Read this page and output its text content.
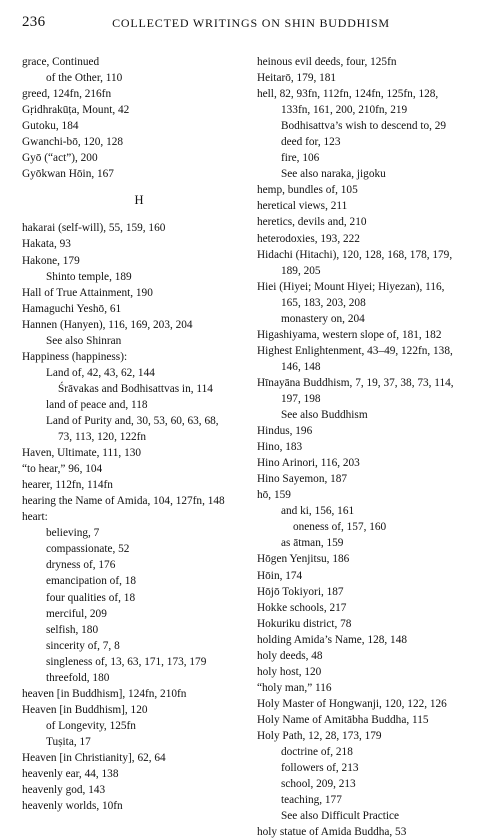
236	COLLECTED WRITINGS ON SHIN BUDDHISM
grace, Continued
of the Other, 110
greed, 124fn, 216fn
Gṛidhrakūṭa, Mount, 42
Gutoku, 184
Gwanchi-bō, 120, 128
Gyō (“act”), 200
Gyōkwan Hōin, 167
H
hakarai (self-will), 55, 159, 160
Hakata, 93
Hakone, 179
Shinto temple, 189
Hall of True Attainment, 190
Hamaguchi Yeshō, 61
Hannen (Hanyen), 116, 169, 203, 204
See also Shinran
Happiness (happiness):
Land of, 42, 43, 62, 144
Śrāvakas and Bodhisattvas in, 114
land of peace and, 118
Land of Purity and, 30, 53, 60, 63, 68,
73, 113, 120, 122fn
Haven, Ultimate, 111, 130
“to hear,” 96, 104
hearer, 112fn, 114fn
hearing the Name of Amida, 104, 127fn, 148
heart:
believing, 7
compassionate, 52
dryness of, 176
emancipation of, 18
four qualities of, 18
merciful, 209
selfish, 180
sincerity of, 7, 8
singleness of, 13, 63, 171, 173, 179
threefold, 180
heaven [in Buddhism], 124fn, 210fn
Heaven [in Buddhism], 120
of Longevity, 125fn
Tuṣita, 17
Heaven [in Christianity], 62, 64
heavenly ear, 44, 138
heavenly god, 143
heavenly worlds, 10fn
heinous evil deeds, four, 125fn
Heitarō, 179, 181
hell, 82, 93fn, 112fn, 124fn, 125fn, 128,
133fn, 161, 200, 210fn, 219
Bodhisattva’s wish to descend to, 29
deed for, 123
fire, 106
See also naraka, jigoku
hemp, bundles of, 105
heretical views, 211
heretics, devils and, 210
heterodoxies, 193, 222
Hidachi (Hitachi), 120, 128, 168, 178, 179,
189, 205
Hiei (Hiyei; Mount Hiyei; Hiyezan), 116,
165, 183, 203, 208
monastery on, 204
Higashiyama, western slope of, 181, 182
Highest Enlightenment, 43–49, 122fn, 138,
146, 148
Hīnayāna Buddhism, 7, 19, 37, 38, 73, 114,
197, 198
See also Buddhism
Hindus, 196
Hino, 183
Hino Arinori, 116, 203
Hino Sayemon, 187
hō, 159
and ki, 156, 161
oneness of, 157, 160
as ātman, 159
Hōgen Yenjitsu, 186
Hōin, 174
Hōjō Tokiyori, 187
Hokke schools, 217
Hokuriku district, 78
holding Amida’s Name, 128, 148
holy deeds, 48
holy host, 120
“holy man,” 116
Holy Master of Hongwanji, 120, 122, 126
Holy Name of Amitābha Buddha, 115
Holy Path, 12, 28, 173, 179
doctrine of, 218
followers of, 213
school, 209, 213
teaching, 177
See also Difficult Practice
holy statue of Amida Buddha, 53
